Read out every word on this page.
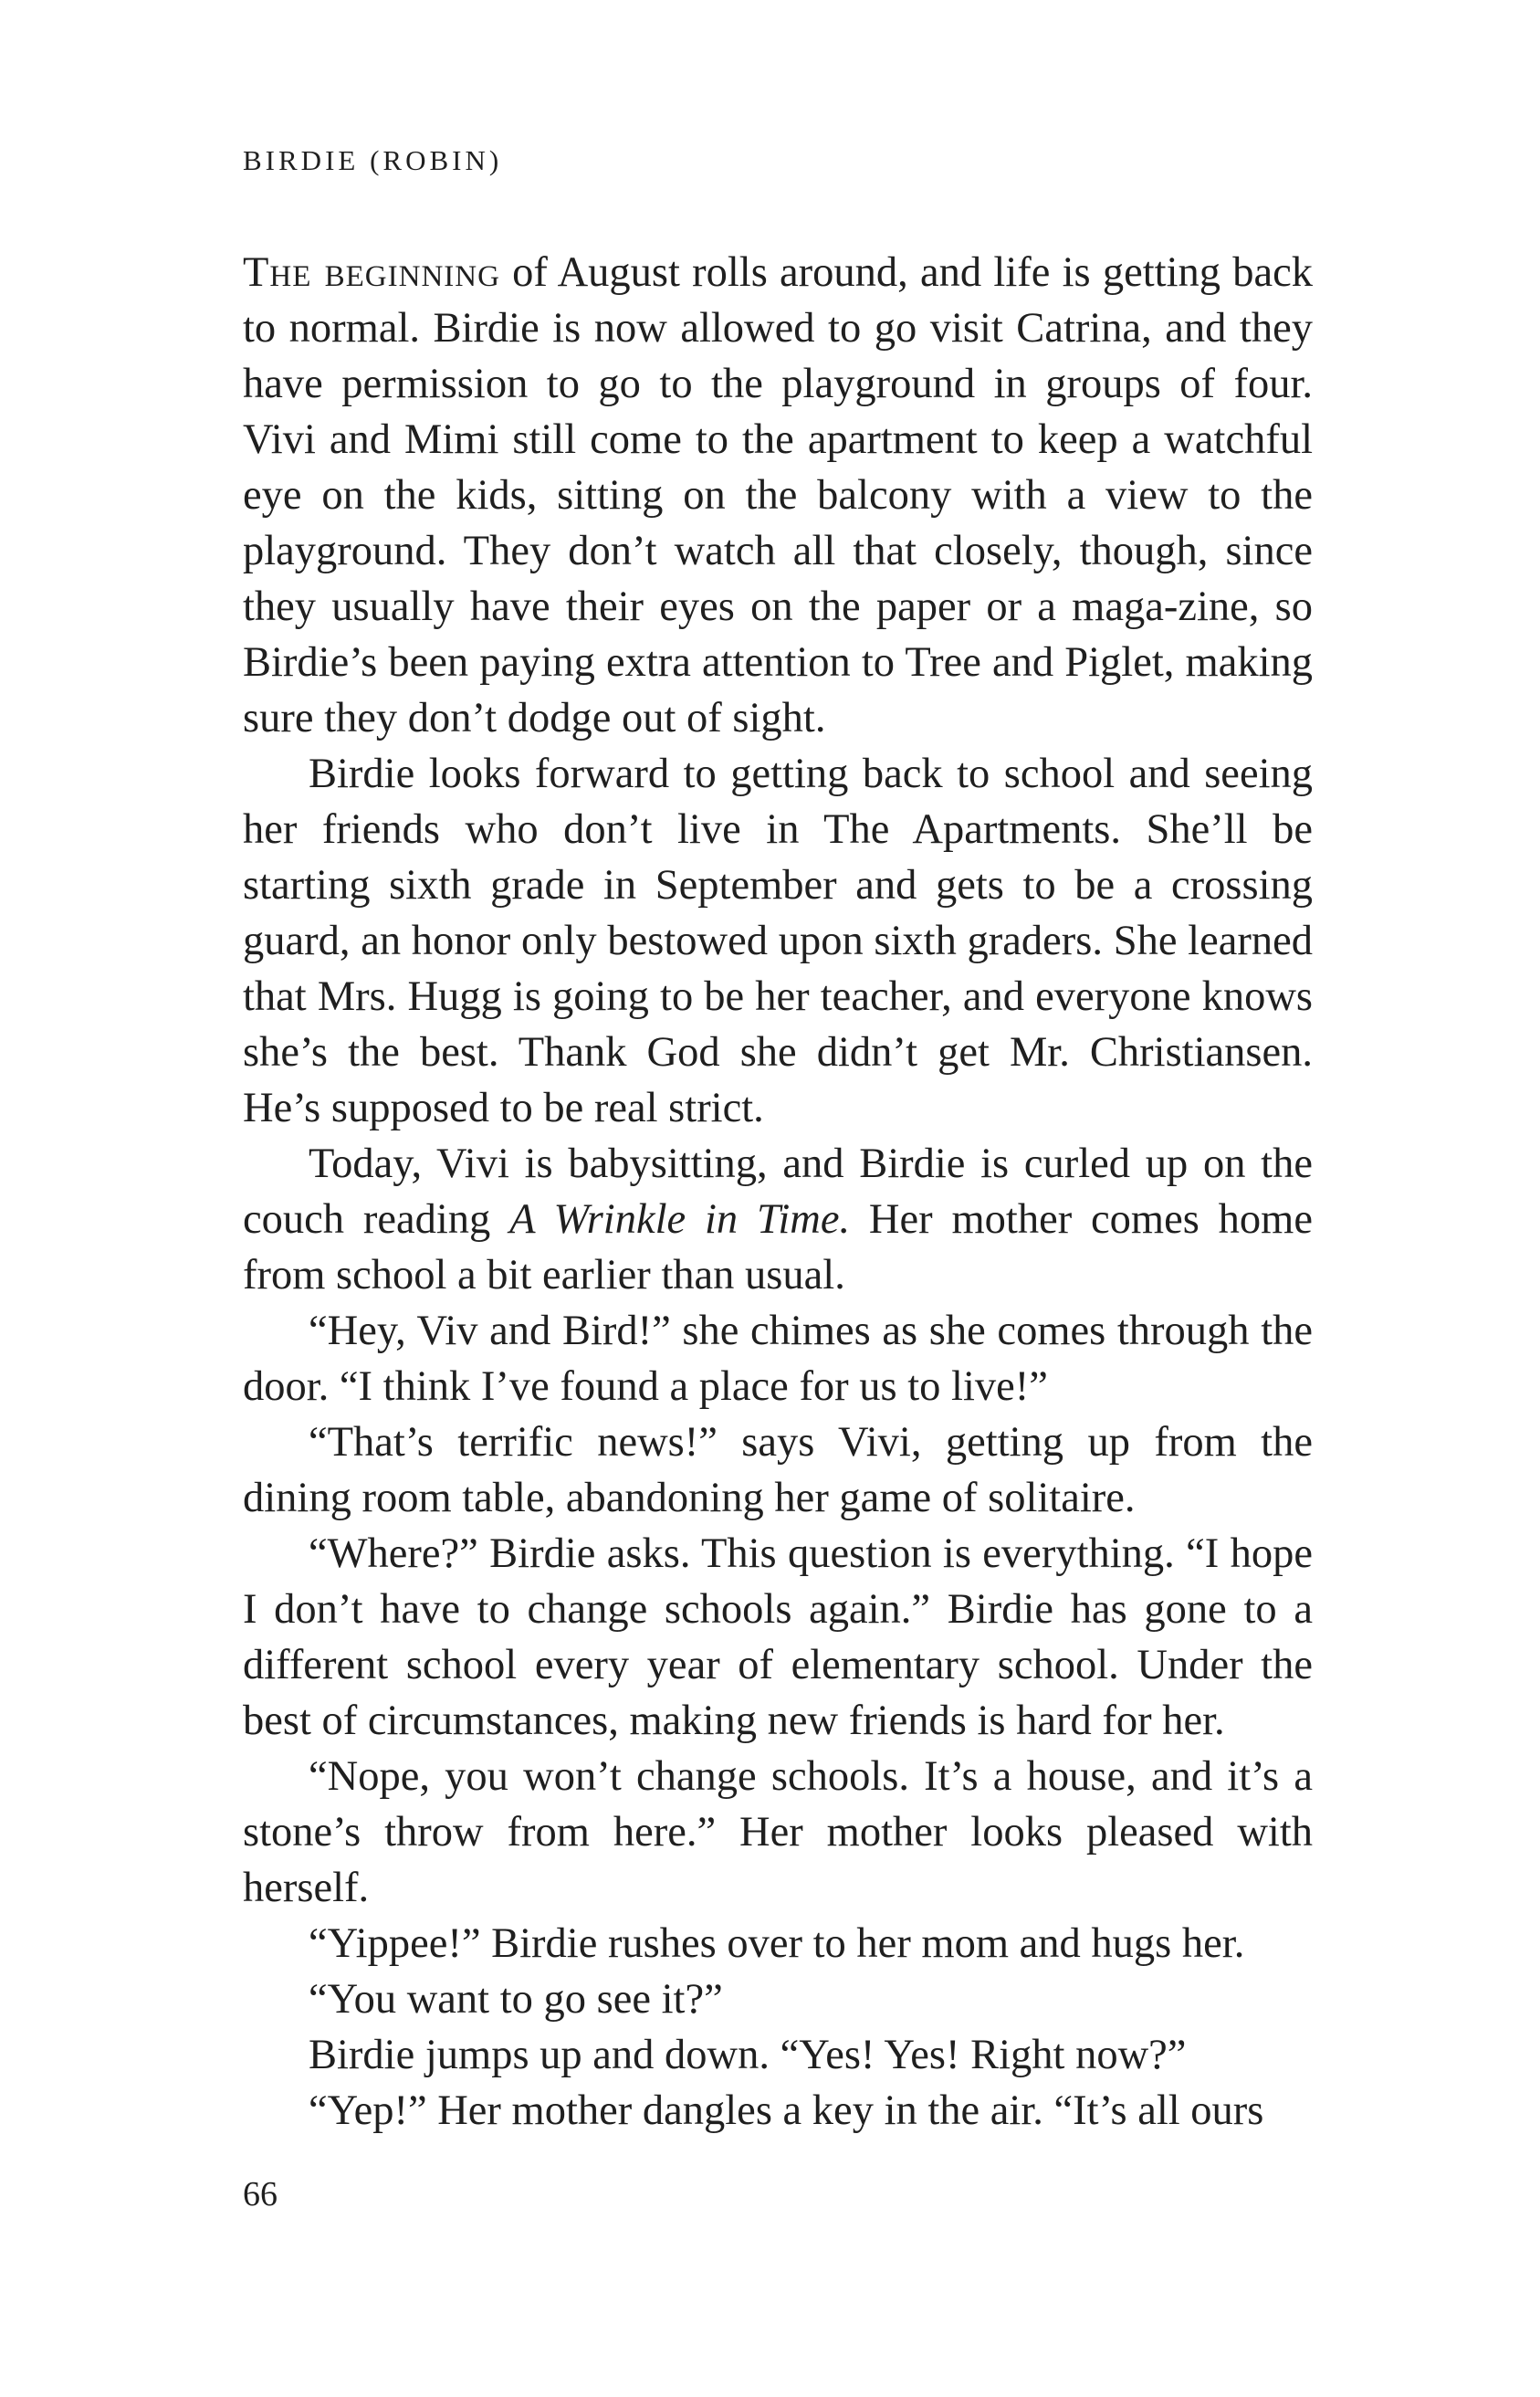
BIRDIE (ROBIN)

The beginning of August rolls around, and life is getting back to normal. Birdie is now allowed to go visit Catrina, and they have permission to go to the playground in groups of four. Vivi and Mimi still come to the apartment to keep a watchful eye on the kids, sitting on the balcony with a view to the playground. They don’t watch all that closely, though, since they usually have their eyes on the paper or a maga-zine, so Birdie’s been paying extra attention to Tree and Piglet, making sure they don’t dodge out of sight.

Birdie looks forward to getting back to school and seeing her friends who don’t live in The Apartments. She’ll be starting sixth grade in September and gets to be a crossing guard, an honor only bestowed upon sixth graders. She learned that Mrs. Hugg is going to be her teacher, and everyone knows she’s the best. Thank God she didn’t get Mr. Christiansen. He’s supposed to be real strict.

Today, Vivi is babysitting, and Birdie is curled up on the couch reading A Wrinkle in Time. Her mother comes home from school a bit earlier than usual.

“Hey, Viv and Bird!” she chimes as she comes through the door. “I think I’ve found a place for us to live!”

“That’s terrific news!” says Vivi, getting up from the dining room table, abandoning her game of solitaire.

“Where?” Birdie asks. This question is everything. “I hope I don’t have to change schools again.” Birdie has gone to a different school every year of elementary school. Under the best of circumstances, making new friends is hard for her.

“Nope, you won’t change schools. It’s a house, and it’s a stone’s throw from here.” Her mother looks pleased with herself.

“Yippee!” Birdie rushes over to her mom and hugs her.

“You want to go see it?”

Birdie jumps up and down. “Yes! Yes! Right now?”

“Yep!” Her mother dangles a key in the air. “It’s all ours

66
